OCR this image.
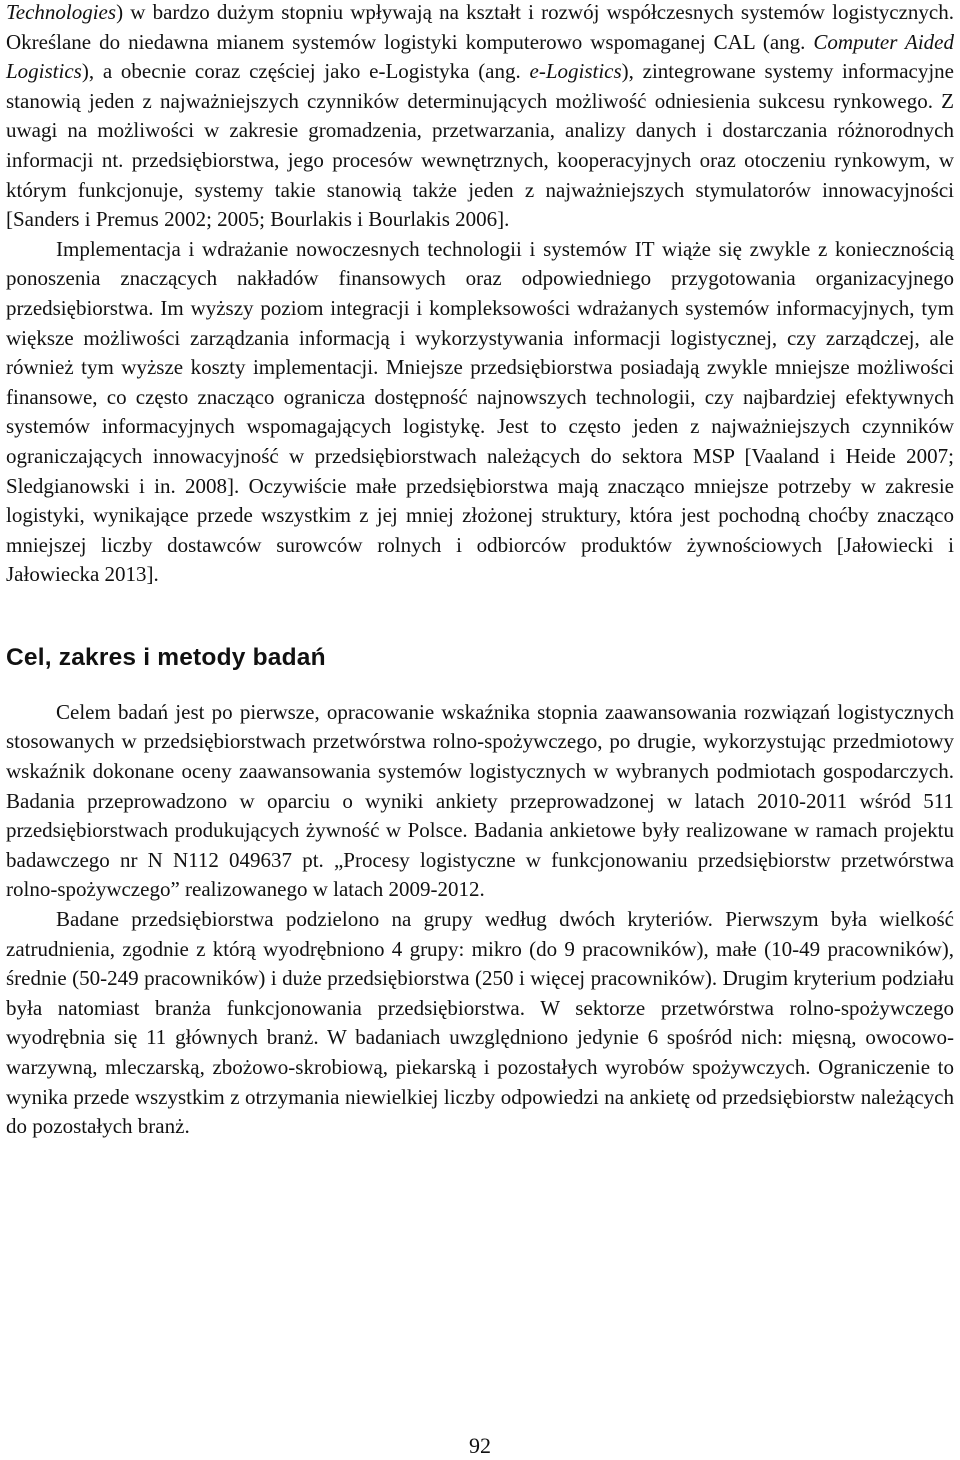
Technologies) w bardzo dużym stopniu wpływają na kształt i rozwój współczesnych systemów logistycznych. Określane do niedawna mianem systemów logistyki komputerowo wspomaganej CAL (ang. Computer Aided Logistics), a obecnie coraz częściej jako e-Logistyka (ang. e-Logistics), zintegrowane systemy informacyjne stanowią jeden z najważniejszych czynników determinujących możliwość odniesienia sukcesu rynkowego. Z uwagi na możliwości w zakresie gromadzenia, przetwarzania, analizy danych i dostarczania różnorodnych informacji nt. przedsiębiorstwa, jego procesów wewnętrznych, kooperacyjnych oraz otoczeniu rynkowym, w którym funkcjonuje, systemy takie stanowią także jeden z najważniejszych stymulatorów innowacyjności [Sanders i Premus 2002; 2005; Bourlakis i Bourlakis 2006].

Implementacja i wdrażanie nowoczesnych technologii i systemów IT wiąże się zwykle z koniecznością ponoszenia znaczących nakładów finansowych oraz odpowiedniego przygotowania organizacyjnego przedsiębiorstwa. Im wyższy poziom integracji i kompleksowości wdrażanych systemów informacyjnych, tym większe możliwości zarządzania informacją i wykorzystywania informacji logistycznej, czy zarządczej, ale również tym wyższe koszty implementacji. Mniejsze przedsiębiorstwa posiadają zwykle mniejsze możliwości finansowe, co często znacząco ogranicza dostępność najnowszych technologii, czy najbardziej efektywnych systemów informacyjnych wspomagających logistykę. Jest to często jeden z najważniejszych czynników ograniczających innowacyjność w przedsiębiorstwach należących do sektora MSP [Vaaland i Heide 2007; Sledgianowski i in. 2008]. Oczywiście małe przedsiębiorstwa mają znacząco mniejsze potrzeby w zakresie logistyki, wynikające przede wszystkim z jej mniej złożonej struktury, która jest pochodną choćby znacząco mniejszej liczby dostawców surowców rolnych i odbiorców produktów żywnościowych [Jałowiecki i Jałowiecka 2013].

Cel, zakres i metody badań

Celem badań jest po pierwsze, opracowanie wskaźnika stopnia zaawansowania rozwiązań logistycznych stosowanych w przedsiębiorstwach przetwórstwa rolno-spożywczego, po drugie, wykorzystując przedmiotowy wskaźnik dokonane oceny zaawansowania systemów logistycznych w wybranych podmiotach gospodarczych. Badania przeprowadzono w oparciu o wyniki ankiety przeprowadzonej w latach 2010-2011 wśród 511 przedsiębiorstwach produkujących żywność w Polsce. Badania ankietowe były realizowane w ramach projektu badawczego nr N N112 049637 pt. „Procesy logistyczne w funkcjonowaniu przedsiębiorstw przetwórstwa rolno-spożywczego” realizowanego w latach 2009-2012.

Badane przedsiębiorstwa podzielono na grupy według dwóch kryteriów. Pierwszym była wielkość zatrudnienia, zgodnie z którą wyodrębniono 4 grupy: mikro (do 9 pracowników), małe (10-49 pracowników), średnie (50-249 pracowników) i duże przedsiębiorstwa (250 i więcej pracowników). Drugim kryterium podziału była natomiast branża funkcjonowania przedsiębiorstwa. W sektorze przetwórstwa rolno-spożywczego wyodrębnia się 11 głównych branż. W badaniach uwzględniono jedynie 6 spośród nich: mięsną, owocowo-warzywną, mleczarską, zbożowo-skrobiową, piekarską i pozostałych wyrobów spożywczych. Ograniczenie to wynika przede wszystkim z otrzymania niewielkiej liczby odpowiedzi na ankietę od przedsiębiorstw należących do pozostałych branż.

92
